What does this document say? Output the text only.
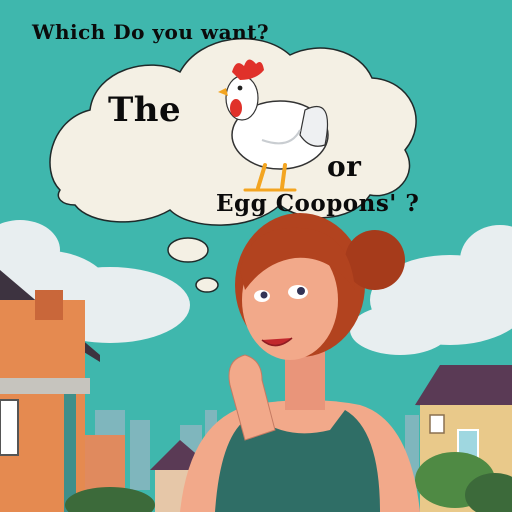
Which Do you want?
The
or
Egg Coopons' ?
